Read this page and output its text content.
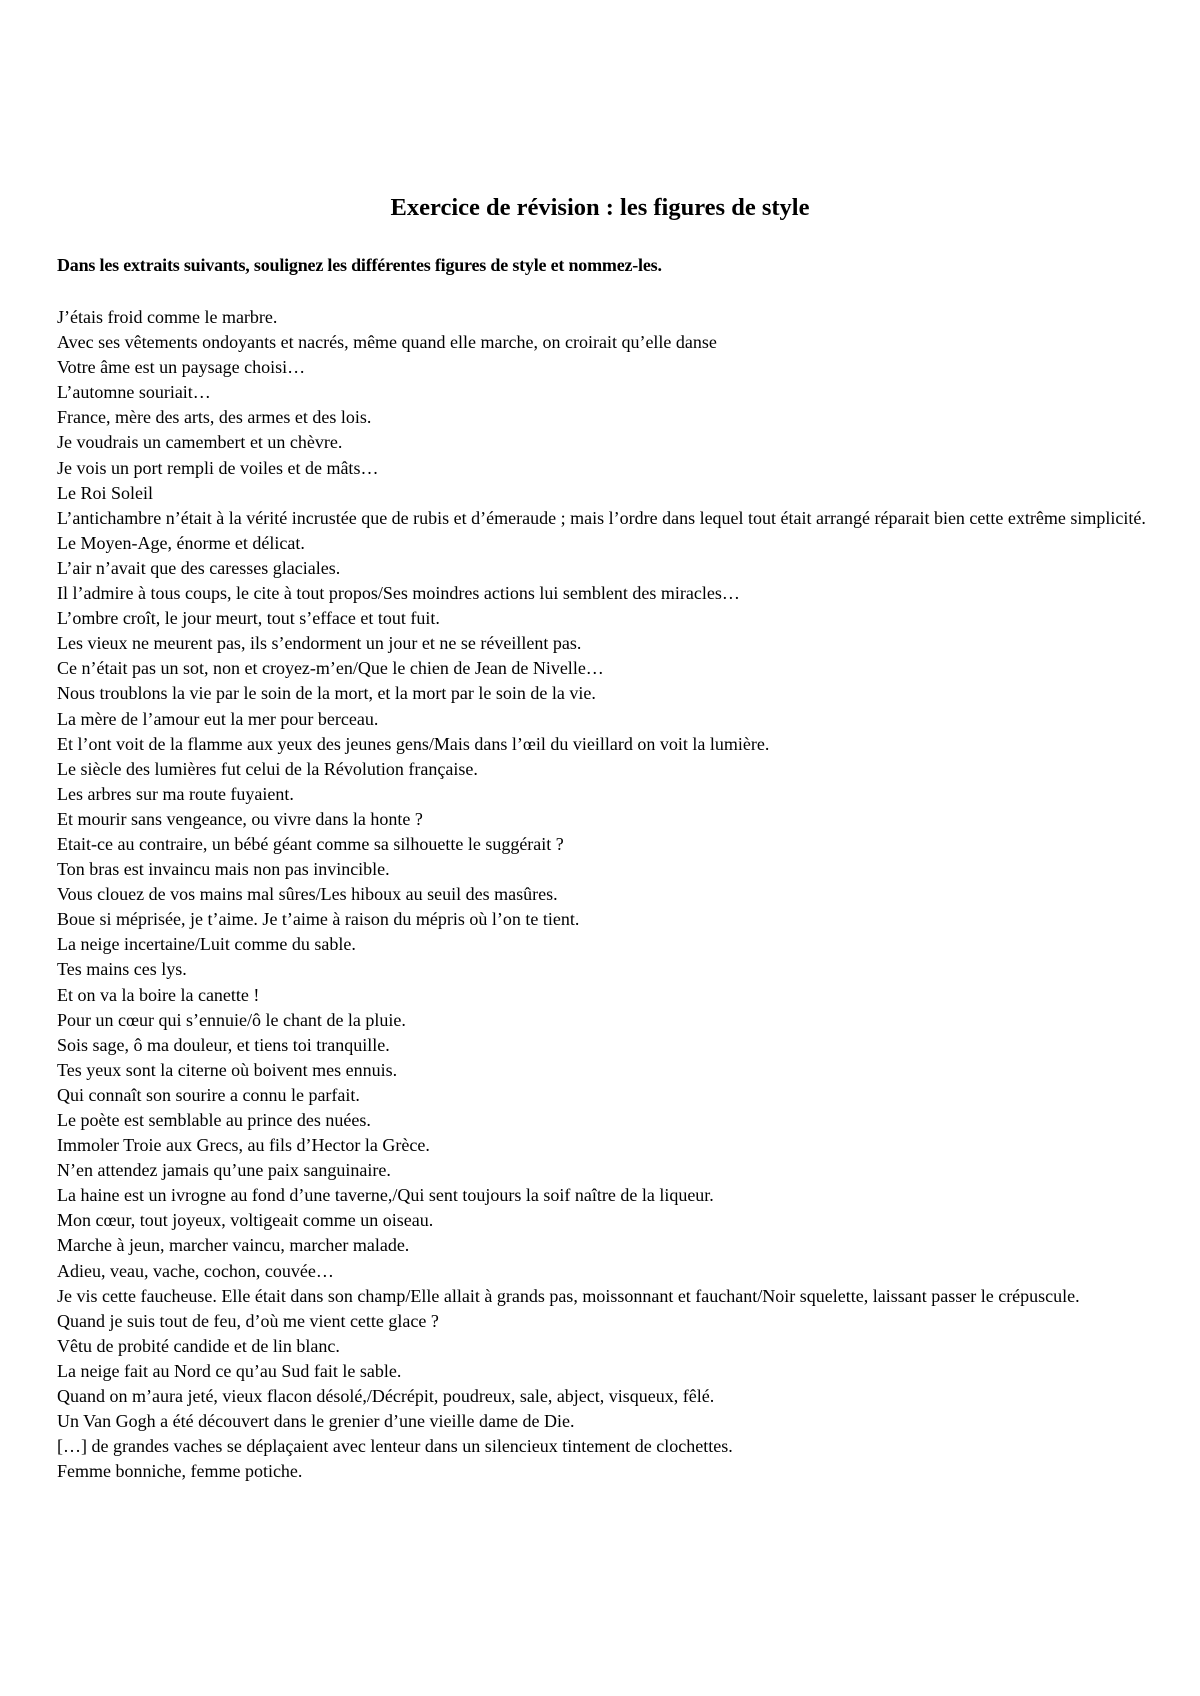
Exercice de révision : les figures de style

Dans les extraits suivants, soulignez les différentes figures de style et nommez-les.

J’étais froid comme le marbre.
Avec ses vêtements ondoyants et nacrés, même quand elle marche, on croirait qu’elle danse
Votre âme est un paysage choisi…
L’automne souriait…
France, mère des arts, des armes et des lois.
Je voudrais un camembert et un chèvre.
Je vois un port rempli de voiles et de mâts…
Le Roi Soleil
L’antichambre n’était à la vérité incrustée que de rubis et d’émeraude ; mais l’ordre dans lequel tout était arrangé réparait bien cette extrême simplicité.
Le Moyen-Age, énorme et délicat.
L’air n’avait que des caresses glaciales.
Il l’admire à tous coups, le cite à tout propos/Ses moindres actions lui semblent des miracles…
L’ombre croît, le jour meurt, tout s’efface et tout fuit.
Les vieux ne meurent pas, ils s’endorment un jour et ne se réveillent pas.
Ce n’était pas un sot, non et croyez-m’en/Que le chien de Jean de Nivelle…
Nous troublons la vie par le soin de la mort, et la mort par le soin de la vie.
La mère de l’amour eut la mer pour berceau.
Et l’ont voit de la flamme aux yeux des jeunes gens/Mais dans l’œil du vieillard on voit la lumière.
Le siècle des lumières fut celui de la Révolution française.
Les arbres sur ma route fuyaient.
Et mourir sans vengeance, ou vivre dans la honte ?
Etait-ce au contraire, un bébé géant comme sa silhouette le suggérait ?
Ton bras est invaincu mais non pas invincible.
Vous clouez de vos mains mal sûres/Les hiboux au seuil des masûres.
Boue si méprisée, je t’aime. Je t’aime à raison du mépris où l’on te tient.
La neige incertaine/Luit comme du sable.
Tes mains ces lys.
Et on va la boire la canette !
Pour un cœur qui s’ennuie/ô le chant de la pluie.
Sois sage, ô ma douleur, et tiens toi tranquille.
Tes yeux sont la citerne où boivent mes ennuis.
Qui connaît son sourire a connu le parfait.
Le poète est semblable au prince des nuées.
Immoler Troie aux Grecs, au fils d’Hector la Grèce.
N’en attendez jamais qu’une paix sanguinaire.
La haine est un ivrogne au fond d’une taverne,/Qui sent toujours la soif naître de la liqueur.
Mon cœur, tout joyeux, voltigeait comme un oiseau.
Marche à jeun, marcher vaincu, marcher malade.
Adieu, veau, vache, cochon, couvée…
Je vis cette faucheuse. Elle était dans son champ/Elle allait à grands pas, moissonnant et fauchant/Noir squelette, laissant passer le crépuscule.
Quand je suis tout de feu, d’où me vient cette glace ?
Vêtu de probité candide et de lin blanc.
La neige fait au Nord ce qu’au Sud fait le sable.
Quand on m’aura jeté, vieux flacon désolé,/Décrépit, poudreux, sale, abject, visqueux, fêlé.
Un Van Gogh a été découvert dans le grenier d’une vieille dame de Die.
[…] de grandes vaches se déplaçaient avec lenteur dans un silencieux tintement de clochettes.
Femme bonniche, femme potiche.
